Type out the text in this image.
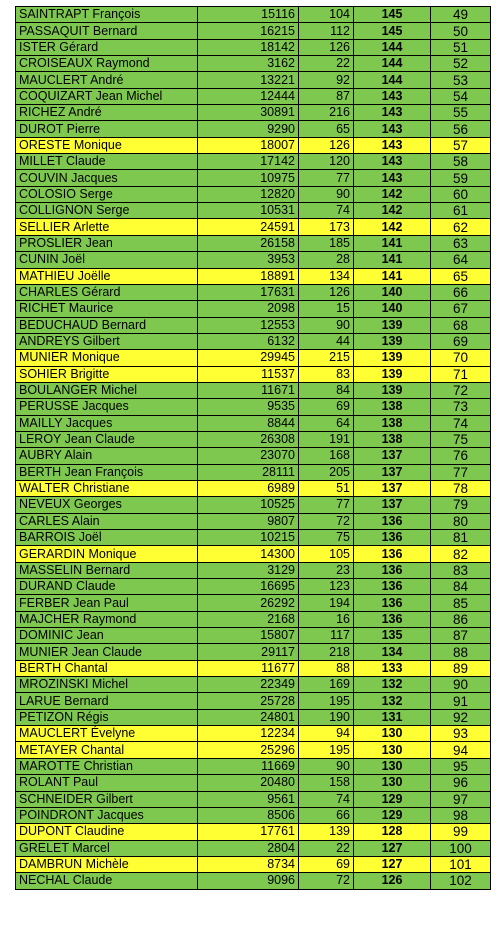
SAINTRAPT François	15116	104	145	49
PASSAQUIT Bernard	16215	112	145	50
ISTER Gérard	18142	126	144	51
CROISEAUX Raymond	3162	22	144	52
MAUCLERT André	13221	92	144	53
COQUIZART Jean Michel	12444	87	143	54
RICHEZ André	30891	216	143	55
DUROT Pierre	9290	65	143	56
ORESTE Monique	18007	126	143	57
MILLET Claude	17142	120	143	58
COUVIN Jacques	10975	77	143	59
COLOSIO Serge	12820	90	142	60
COLLIGNON Serge	10531	74	142	61
SELLIER Arlette	24591	173	142	62
PROSLIER Jean	26158	185	141	63
CUNIN Joël	3953	28	141	64
MATHIEU Joëlle	18891	134	141	65
CHARLES Gérard	17631	126	140	66
RICHET Maurice	2098	15	140	67
BEDUCHAUD Bernard	12553	90	139	68
ANDREYS Gilbert	6132	44	139	69
MUNIER Monique	29945	215	139	70
SOHIER Brigitte	11537	83	139	71
BOULANGER Michel	11671	84	139	72
PERUSSE Jacques	9535	69	138	73
MAILLY Jacques	8844	64	138	74
LEROY Jean Claude	26308	191	138	75
AUBRY Alain	23070	168	137	76
BERTH Jean François	28111	205	137	77
WALTER Christiane	6989	51	137	78
NEVEUX Georges	10525	77	137	79
CARLES Alain	9807	72	136	80
BARROIS Joël	10215	75	136	81
GERARDIN Monique	14300	105	136	82
MASSELIN Bernard	3129	23	136	83
DURAND Claude	16695	123	136	84
FERBER Jean Paul	26292	194	136	85
MAJCHER Raymond	2168	16	136	86
DOMINIC Jean	15807	117	135	87
MUNIER Jean Claude	29117	218	134	88
BERTH Chantal	11677	88	133	89
MROZINSKI Michel	22349	169	132	90
LARUE Bernard	25728	195	132	91
PETIZON Régis	24801	190	131	92
MAUCLERT Évelyne	12234	94	130	93
METAYER Chantal	25296	195	130	94
MAROTTE Christian	11669	90	130	95
ROLANT Paul	20480	158	130	96
SCHNEIDER Gilbert	9561	74	129	97
POINDRONT Jacques	8506	66	129	98
DUPONT Claudine	17761	139	128	99
GRELET Marcel	2804	22	127	100
DAMBRUN Michèle	8734	69	127	101
NECHAL Claude	9096	72	126	102
